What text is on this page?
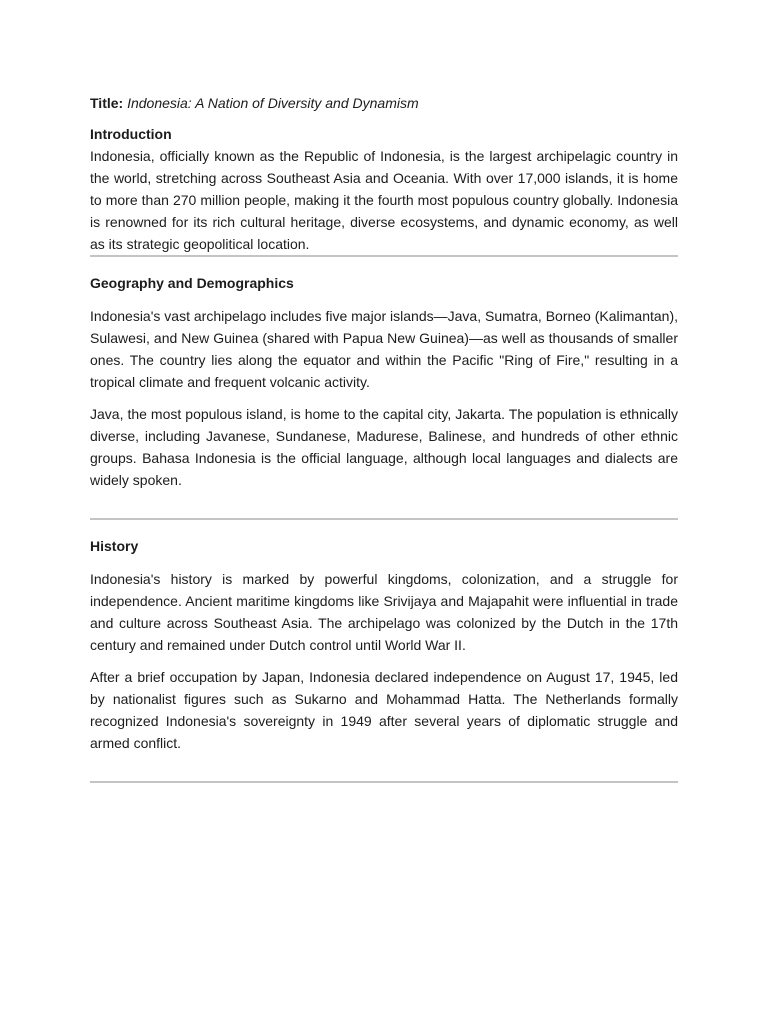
Title: Indonesia: A Nation of Diversity and Dynamism
Introduction

Indonesia, officially known as the Republic of Indonesia, is the largest archipelagic country in the world, stretching across Southeast Asia and Oceania. With over 17,000 islands, it is home to more than 270 million people, making it the fourth most populous country globally. Indonesia is renowned for its rich cultural heritage, diverse ecosystems, and dynamic economy, as well as its strategic geopolitical location.

Geography and Demographics

Indonesia's vast archipelago includes five major islands—Java, Sumatra, Borneo (Kalimantan), Sulawesi, and New Guinea (shared with Papua New Guinea)—as well as thousands of smaller ones. The country lies along the equator and within the Pacific "Ring of Fire," resulting in a tropical climate and frequent volcanic activity.

Java, the most populous island, is home to the capital city, Jakarta. The population is ethnically diverse, including Javanese, Sundanese, Madurese, Balinese, and hundreds of other ethnic groups. Bahasa Indonesia is the official language, although local languages and dialects are widely spoken.

History

Indonesia's history is marked by powerful kingdoms, colonization, and a struggle for independence. Ancient maritime kingdoms like Srivijaya and Majapahit were influential in trade and culture across Southeast Asia. The archipelago was colonized by the Dutch in the 17th century and remained under Dutch control until World War II.

After a brief occupation by Japan, Indonesia declared independence on August 17, 1945, led by nationalist figures such as Sukarno and Mohammad Hatta. The Netherlands formally recognized Indonesia's sovereignty in 1949 after several years of diplomatic struggle and armed conflict.
